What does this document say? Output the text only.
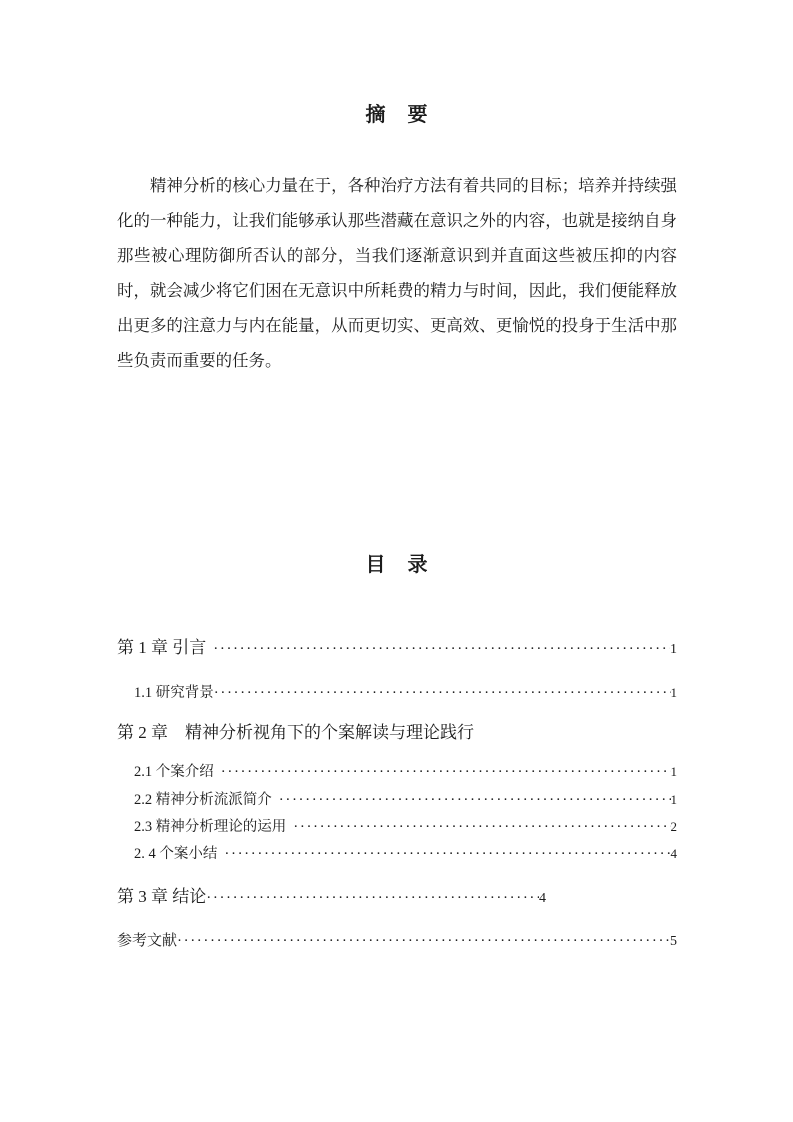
摘　要

精神分析的核心力量在于，各种治疗方法有着共同的目标；培养并持续强化的一种能力，让我们能够承认那些潜藏在意识之外的内容，也就是接纳自身那些被心理防御所否认的部分，当我们逐渐意识到并直面这些被压抑的内容时，就会减少将它们困在无意识中所耗费的精力与时间，因此，我们便能释放出更多的注意力与内在能量，从而更切实、更高效、更愉悦的投身于生活中那些负责而重要的任务。

目　录
第 1 章 引言 ·····	1
1.1 研究背景 ·····	1
第 2 章　精神分析视角下的个案解读与理论践行
2.1 个案介绍 ·····	1
2.2 精神分析流派简介 ·····	1
2.3 精神分析理论的运用 ·····	2
2. 4 个案小结 ·····	4
第 3 章 结论 ·····	4
参考文献 ·····	5
